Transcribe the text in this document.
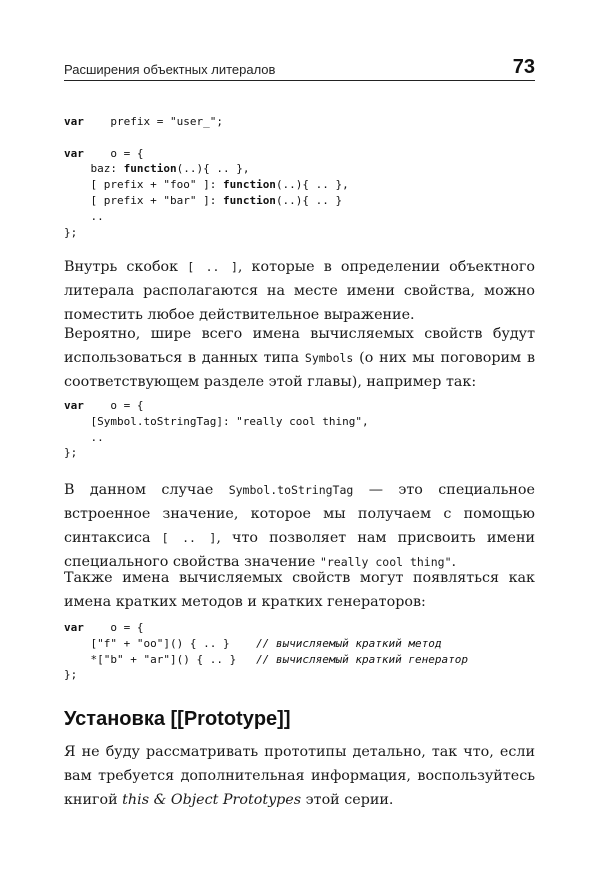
Расширения объектных литералов	73
var    prefix = "user_";

var    o = {
baz: function(..){ .. },
[ prefix + "foo" ]: function(..){ .. },
[ prefix + "bar" ]: function(..){ .. }
..
};

Внутрь скобок [ .. ], которые в определении объектного литерала располагаются на месте имени свойства, можно поместить любое действительное выражение.

Вероятно, шире всего имена вычисляемых свойств будут использоваться в данных типа Symbols (о них мы поговорим в соответствующем разделе этой главы), например так:

var    o = {
[Symbol.toStringTag]: "really cool thing",
..
};

В данном случае Symbol.toStringTag — это специальное встроенное значение, которое мы получаем с помощью синтаксиса [ .. ], что позволяет нам присвоить имени специального свойства значение "really cool thing".

Также имена вычисляемых свойств могут появляться как имена кратких методов и кратких генераторов:

var    o = {
["f" + "oo"]() { .. }    // вычисляемый краткий метод
*["b" + "ar"]() { .. }   // вычисляемый краткий генератор
};
Установка [[Prototype]]

Я не буду рассматривать прототипы детально, так что, если вам требуется дополнительная информация, воспользуйтесь книгой this & Object Prototypes этой серии.
